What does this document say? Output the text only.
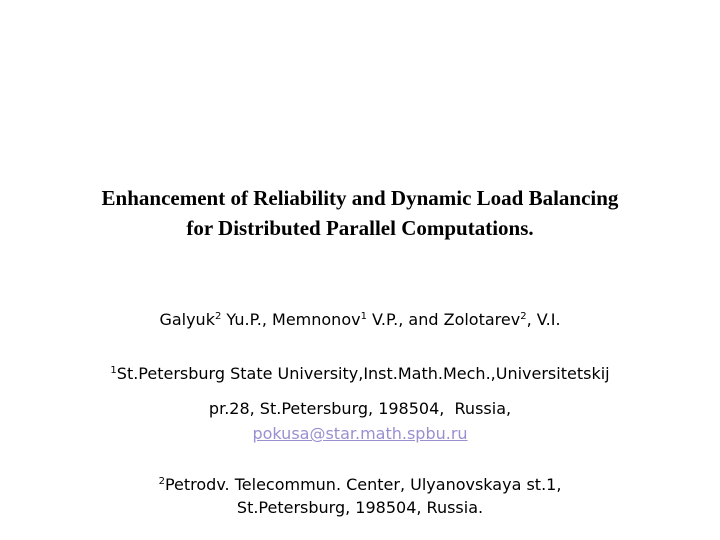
Enhancement of Reliability and Dynamic Load Balancing
for Distributed Parallel Computations.
Galyuk$^2$ Yu.P., Memnonov$^1$ V.P., and Zolotarev$^2$, V.I.
$^1$St.Petersburg State University,Inst.Math.Mech.,Universitetskij
pr.28, St.Petersburg, 198504,  Russia,
pokusa@star.math.spbu.ru
$^2$Petrodv. Telecommun. Center, Ulyanovskaya st.1,
St.Petersburg, 198504, Russia.
